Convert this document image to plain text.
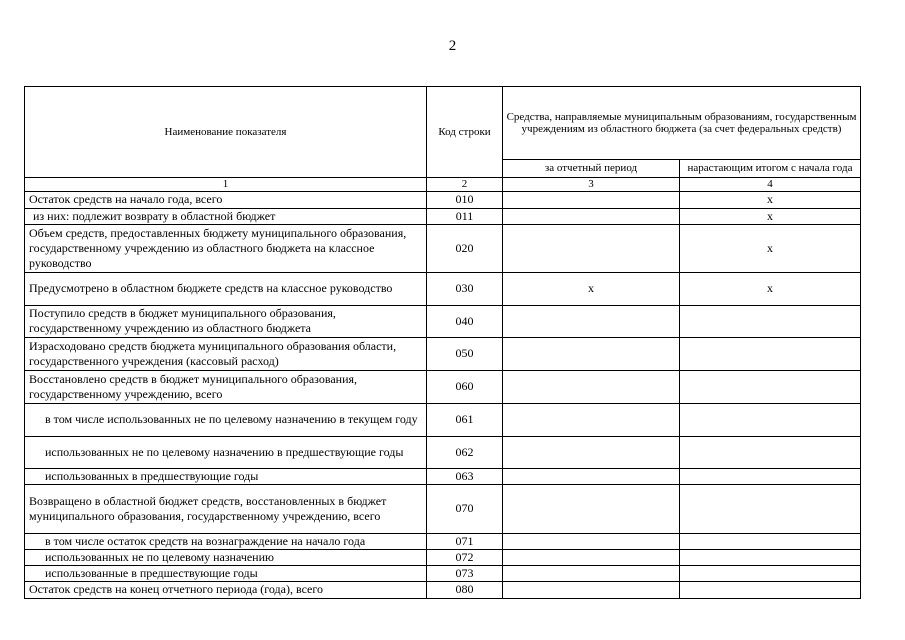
2
Наименование показателя	Код строки	Средства, направляемые муниципальным образованиям, государственным учреждениям из областного бюджета (за счет федеральных средств)	
		за отчетный период	нарастающим итогом с начала года
1	2	3	4
Остаток средств на начало года, всего	010		x
из них: подлежит возврату в областной бюджет	011		x
Объем средств, предоставленных бюджету муниципального образования, государственному учреждению из областного бюджета на классное руководство	020		x
Предусмотрено в областном бюджете средств на классное руководство	030	x	x
Поступило средств в бюджет муниципального образования, государственному учреждению из областного бюджета	040		
Израсходовано средств бюджета муниципального образования области, государственного учреждения (кассовый расход)	050		
Восстановлено средств в бюджет муниципального образования, государственному учреждению, всего	060		
в том числе использованных не по целевому назначению в текущем году	061		
использованных не по целевому назначению в предшествующие годы	062		
использованных в предшествующие годы	063		
Возвращено в областной бюджет средств, восстановленных в бюджет муниципального образования, государственному учреждению, всего	070		
в том числе остаток средств на вознаграждение на начало года	071		
использованных не по целевому назначению	072		
использованные в предшествующие годы	073		
Остаток средств на конец отчетного периода (года), всего	080		
